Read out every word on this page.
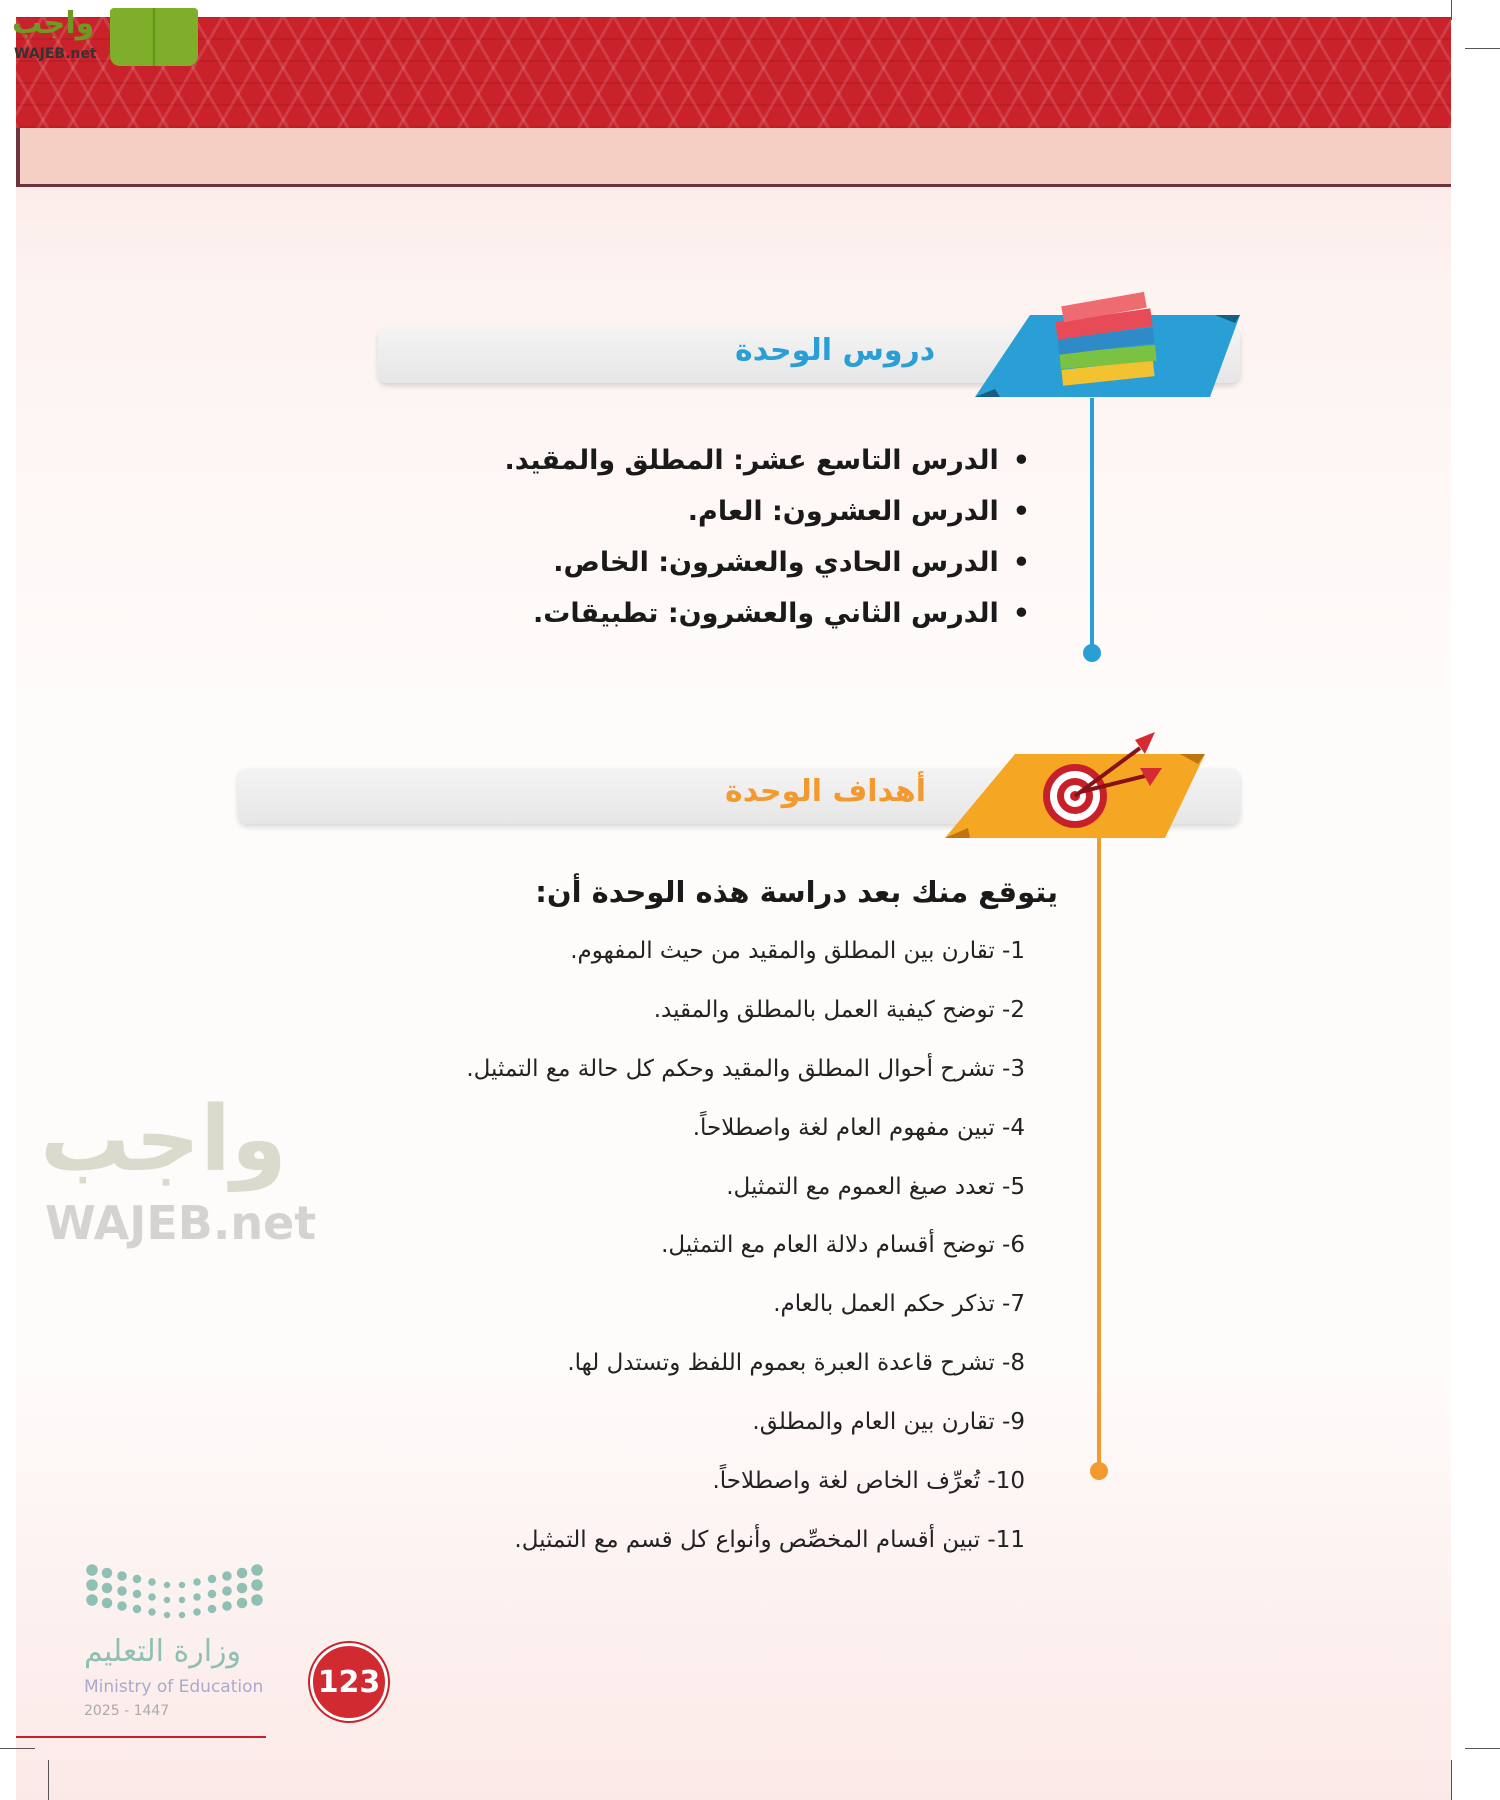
واجب
WAJEB.net
دروس الوحدة
• الدرس التاسع عشر: المطلق والمقيد.
• الدرس العشرون: العام.
• الدرس الحادي والعشرون: الخاص.
• الدرس الثاني والعشرون: تطبيقات.
أهداف الوحدة
واجب
WAJEB.net
يتوقع منك بعد دراسة هذه الوحدة أن:
1- تقارن بين المطلق والمقيد من حيث المفهوم.
2- توضح كيفية العمل بالمطلق والمقيد.
3- تشرح أحوال المطلق والمقيد وحكم كل حالة مع التمثيل.
4- تبين مفهوم العام لغة واصطلاحاً.
5- تعدد صيغ العموم مع التمثيل.
6- توضح أقسام دلالة العام مع التمثيل.
7- تذكر حكم العمل بالعام.
8- تشرح قاعدة العبرة بعموم اللفظ وتستدل لها.
9- تقارن بين العام والمطلق.
10- تُعرِّف الخاص لغة واصطلاحاً.
11- تبين أقسام المخصِّص وأنواع كل قسم مع التمثيل.
وزارة التعليم
Ministry of Education
2025 - 1447
123
